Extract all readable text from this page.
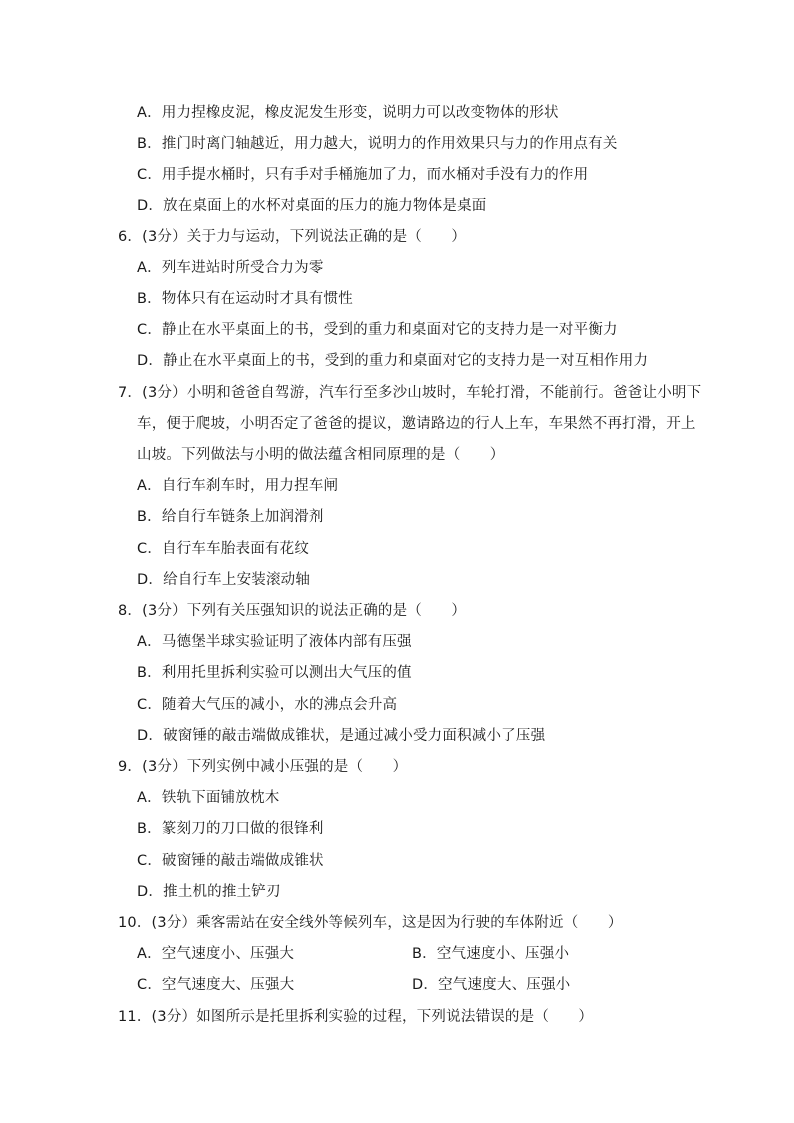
A．用力捏橡皮泥，橡皮泥发生形变，说明力可以改变物体的形状
B．推门时离门轴越近，用力越大，说明力的作用效果只与力的作用点有关
C．用手提水桶时，只有手对手桶施加了力，而水桶对手没有力的作用
D．放在桌面上的水杯对桌面的压力的施力物体是桌面
6．(3分）关于力与运动，下列说法正确的是（　　）
A．列车进站时所受合力为零
B．物体只有在运动时才具有惯性
C．静止在水平桌面上的书，受到的重力和桌面对它的支持力是一对平衡力
D．静止在水平桌面上的书，受到的重力和桌面对它的支持力是一对互相作用力
7．(3分）小明和爸爸自驾游，汽车行至多沙山坡时，车轮打滑，不能前行。爸爸让小明下
车，便于爬坡，小明否定了爸爸的提议，邀请路边的行人上车，车果然不再打滑，开上
山坡。下列做法与小明的做法蕴含相同原理的是（　　）
A．自行车刹车时，用力捏车闸
B．给自行车链条上加润滑剂
C．自行车车胎表面有花纹
D．给自行车上安装滚动轴
8．(3分）下列有关压强知识的说法正确的是（　　）
A．马德堡半球实验证明了液体内部有压强
B．利用托里拆利实验可以测出大气压的值
C．随着大气压的减小，水的沸点会升高
D．破窗锤的敲击端做成锥状，是通过减小受力面积减小了压强
9．(3分）下列实例中减小压强的是（　　）
A．铁轨下面铺放枕木
B．篆刻刀的刀口做的很锋利
C．破窗锤的敲击端做成锥状
D．推土机的推土铲刃
10．(3分）乘客需站在安全线外等候列车，这是因为行驶的车体附近（　　）
A．空气速度小、压强大	B．空气速度小、压强小
C．空气速度大、压强大	D．空气速度大、压强小
11．(3分）如图所示是托里拆利实验的过程，下列说法错误的是（　　）
